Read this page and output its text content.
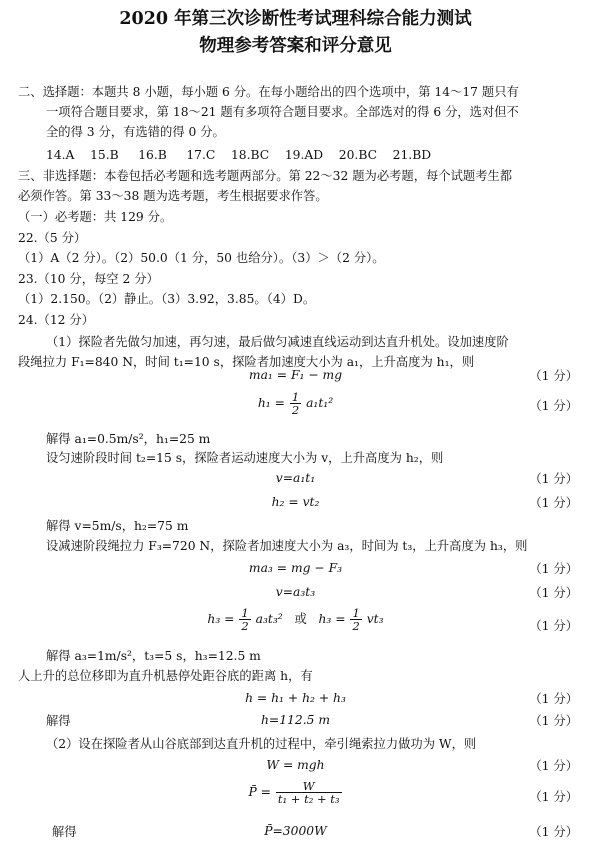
2020 年第三次诊断性考试理科综合能力测试
物理参考答案和评分意见
二、选择题：本题共 8 小题，每小题 6 分。在每小题给出的四个选项中，第 14～17 题只有
一项符合题目要求，第 18～21 题有多项符合题目要求。全部选对的得 6 分，选对但不
全的得 3 分，有选错的得 0 分。
14.A 15.B 16.B 17.C 18.BC 19.AD 20.BC 21.BD
三、非选择题：本卷包括必考题和选考题两部分。第 22～32 题为必考题，每个试题考生都
必须作答。第 33～38 题为选考题，考生根据要求作答。
（一）必考题：共 129 分。
22.（5 分）
（1）A（2 分）。（2）50.0（1 分，50 也给分）。（3）＞（2 分）。
23.（10 分，每空 2 分）
（1）2.150。（2）静止。（3）3.92，3.85。（4）D。
24.（12 分）
（1）探险者先做匀加速，再匀速，最后做匀减速直线运动到达直升机处。设加速度阶
段绳拉力 F₁=840 N，时间 t₁=10 s，探险者加速度大小为 a₁，上升高度为 h₁，则
ma₁ = F₁ − mg	（1 分）
$h_1 = \frac{1}{2} a_1t_1^2$	（1 分）
解得 a₁=0.5m/s²，h₁=25 m
设匀速阶段时间 t₂=15 s，探险者运动速度大小为 v，上升高度为 h₂，则
v=a₁t₁	（1 分）
h₂ = vt₂	（1 分）
解得 v=5m/s，h₂=75 m
设减速阶段绳拉力 F₃=720 N，探险者加速度大小为 a₃，时间为 t₃，上升高度为 h₃，则
ma₃ = mg − F₃	（1 分）
v=a₃t₃	（1 分）
$h_3 = \frac{1}{2} a_3t_3^2$ 或 $h_3 = \frac{1}{2} vt_3$	（1 分）
解得 a₃=1m/s²，t₃=5 s，h₃=12.5 m
人上升的总位移即为直升机悬停处距谷底的距离 h，有
h = h₁ + h₂ + h₃	（1 分）
解得	h=112.5 m	（1 分）
（2）设在探险者从山谷底部到达直升机的过程中，牵引绳索拉力做功为 W，则
W = mgh	（1 分）
P̄ = $\frac{W}{\text{t₁ + t₂ + t₃}}$	（1 分）
解得	P̄=3000W	（1 分）
